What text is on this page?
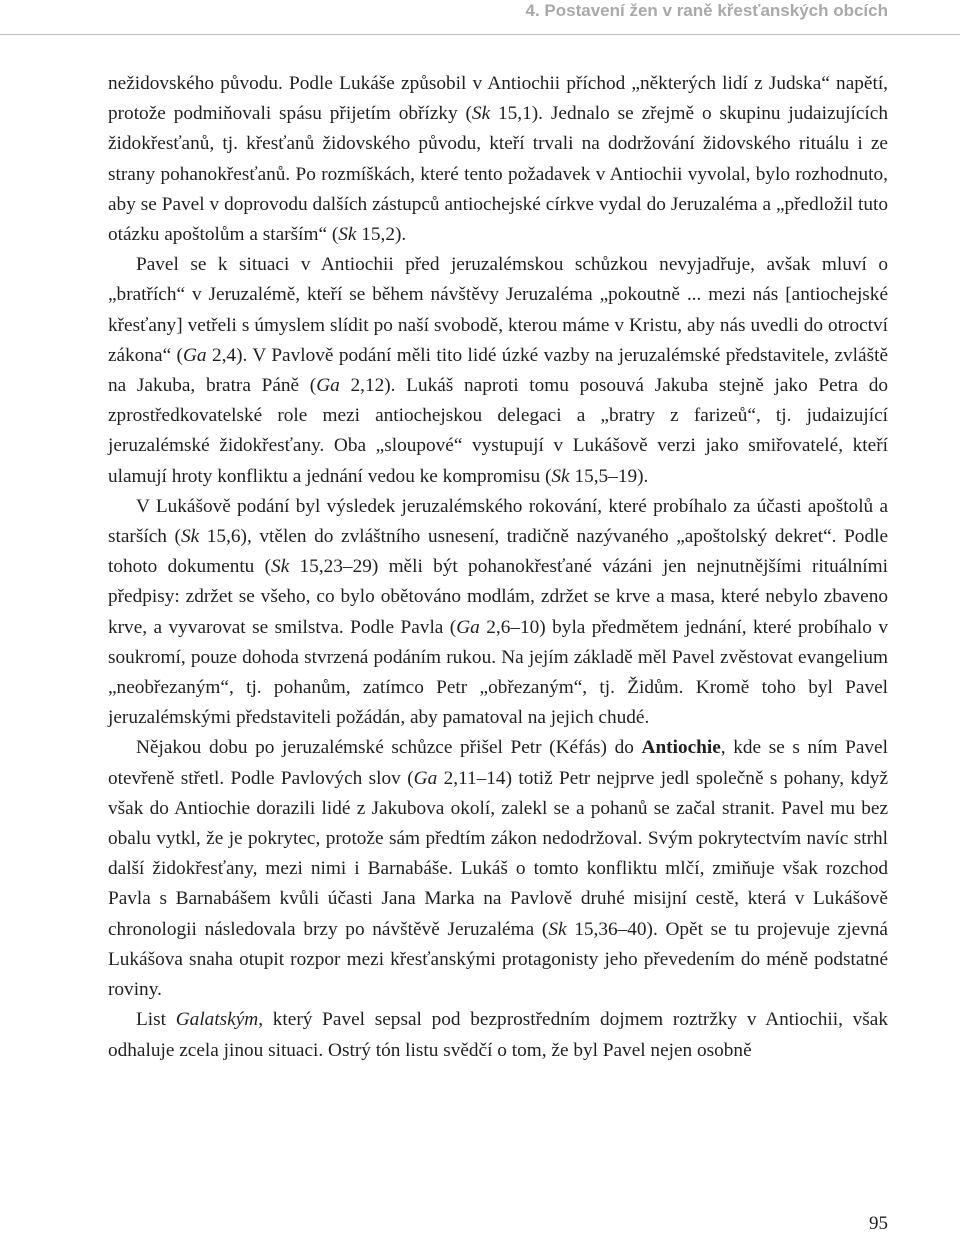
4. Postavení žen v raně křesťanských obcích

nežidovského původu. Podle Lukáše způsobil v Antiochii příchod „některých lidí z Judska“ napětí, protože podmiňovali spásu přijetím obřízky (Sk 15,1). Jednalo se zřejmě o skupinu judaizujících židokřesťanů, tj. křesťanů židovského původu, kteří trvali na dodržování židovského rituálu i ze strany pohanokřesťanů. Po rozmíškách, které tento požadavek v Antiochii vyvolal, bylo rozhodnuto, aby se Pavel v doprovodu dalších zástupců antiochejské církve vydal do Jeruzaléma a „předložil tuto otázku apoštolům a starším“ (Sk 15,2).

Pavel se k situaci v Antiochii před jeruzalémskou schůzkou nevyjadřuje, avšak mluví o „bratřích“ v Jeruzalémě, kteří se během návštěvy Jeruzaléma „pokoutně ... mezi nás [antiochejské křesťany] vetřeli s úmyslem slídit po naší svobodě, kterou máme v Kristu, aby nás uvedli do otroctví zákona“ (Ga 2,4). V Pavlově podání měli tito lidé úzké vazby na jeruzalémské představitele, zvláště na Jakuba, bratra Páně (Ga 2,12). Lukáš naproti tomu posouvá Jakuba stejně jako Petra do zprostředkovatelské role mezi antiochejskou delegaci a „bratry z farizeů“, tj. judaizující jeruzalémské židokřesťany. Oba „sloupové“ vystupují v Lukášově verzi jako smiřovatelé, kteří ulamují hroty konfliktu a jednání vedou ke kompromisu (Sk 15,5–19).

V Lukášově podání byl výsledek jeruzalémského rokování, které probíhalo za účasti apoštolů a starších (Sk 15,6), vtělen do zvláštního usnesení, tradičně nazývaného „apoštolský dekret“. Podle tohoto dokumentu (Sk 15,23–29) měli být pohanokřesťané vázáni jen nejnutnějšími rituálními předpisy: zdržet se všeho, co bylo obětováno modlám, zdržet se krve a masa, které nebylo zbaveno krve, a vyvarovat se smilstva. Podle Pavla (Ga 2,6–10) byla předmětem jednání, které probíhalo v soukromí, pouze dohoda stvrzená podáním rukou. Na jejím základě měl Pavel zvěstovat evangelium „neobřezaným“, tj. pohanům, zatímco Petr „obřezaným“, tj. Židům. Kromě toho byl Pavel jeruzalémskými představiteli požádán, aby pamatoval na jejich chudé.

Nějakou dobu po jeruzalémské schůzce přišel Petr (Kéfás) do Antiochie, kde se s ním Pavel otevřeně střetl. Podle Pavlových slov (Ga 2,11–14) totiž Petr nejprve jedl společně s pohany, když však do Antiochie dorazili lidé z Jakubova okolí, zalekl se a pohanů se začal stranit. Pavel mu bez obalu vytkl, že je pokrytec, protože sám předtím zákon nedodržoval. Svým pokrytectvím navíc strhl další židokřesťany, mezi nimi i Barnabáše. Lukáš o tomto konfliktu mlčí, zmiňuje však rozchod Pavla s Barnabášem kvůli účasti Jana Marka na Pavlově druhé misijní cestě, která v Lukášově chronologii následovala brzy po návštěvě Jeruzaléma (Sk 15,36–40). Opět se tu projevuje zjevná Lukášova snaha otupit rozpor mezi křesťanskými protagonisty jeho převedením do méně podstatné roviny.

List Galatským, který Pavel sepsal pod bezprostředním dojmem roztržky v Antiochii, však odhaluje zcela jinou situaci. Ostrý tón listu svědčí o tom, že byl Pavel nejen osobně

95
